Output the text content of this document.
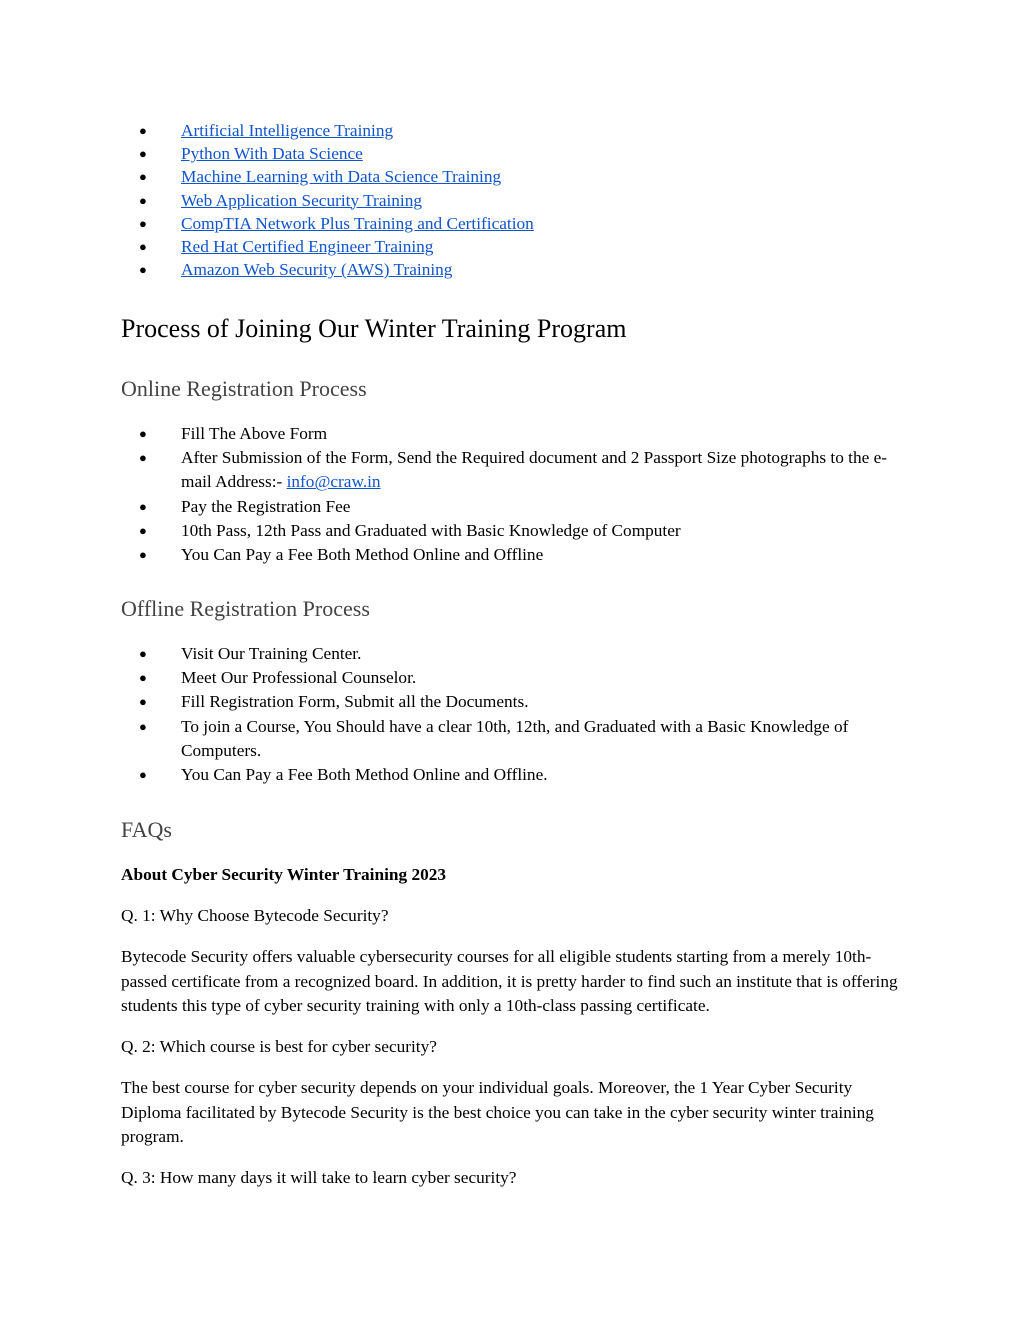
● Artificial Intelligence Training
● Python With Data Science
● Machine Learning with Data Science Training
● Web Application Security Training
● CompTIA Network Plus Training and Certification
● Red Hat Certified Engineer Training
● Amazon Web Security (AWS) Training
Process of Joining Our Winter Training Program
Online Registration Process
● Fill The Above Form
● After Submission of the Form, Send the Required document and 2 Passport Size photographs to the e-mail Address:- info@craw.in
● Pay the Registration Fee
● 10th Pass, 12th Pass and Graduated with Basic Knowledge of Computer
● You Can Pay a Fee Both Method Online and Offline
Offline Registration Process
● Visit Our Training Center.
● Meet Our Professional Counselor.
● Fill Registration Form, Submit all the Documents.
● To join a Course, You Should have a clear 10th, 12th, and Graduated with a Basic Knowledge of Computers.
● You Can Pay a Fee Both Method Online and Offline.
FAQs

About Cyber Security Winter Training 2023

Q. 1: Why Choose Bytecode Security?

Bytecode Security offers valuable cybersecurity courses for all eligible students starting from a merely 10th-passed certificate from a recognized board. In addition, it is pretty harder to find such an institute that is offering students this type of cyber security training with only a 10th-class passing certificate.

Q. 2: Which course is best for cyber security?

The best course for cyber security depends on your individual goals. Moreover, the 1 Year Cyber Security Diploma facilitated by Bytecode Security is the best choice you can take in the cyber security winter training program.

Q. 3: How many days it will take to learn cyber security?
